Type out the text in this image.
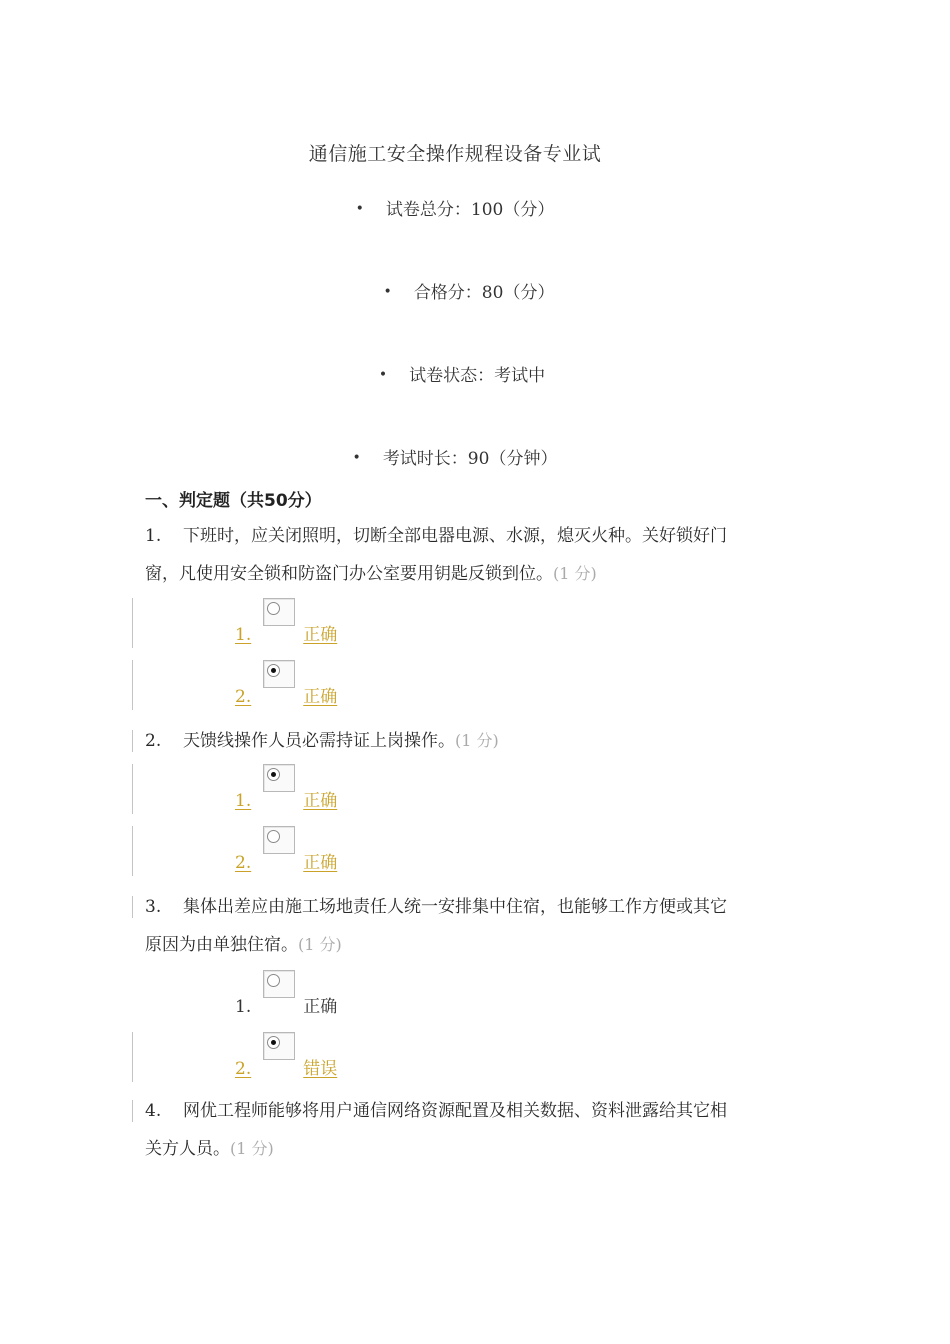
通信施工安全操作规程设备专业试
• 试卷总分：100（分）
• 合格分：80（分）
• 试卷状态：考试中
• 考试时长：90（分钟）
一、判定题（共50分）
1. 下班时，应关闭照明，切断全部电器电源、水源，熄灭火种。关好锁好门
窗，凡使用安全锁和防盗门办公室要用钥匙反锁到位。(1 分)
1.	正确
2.	正确
2. 天馈线操作人员必需持证上岗操作。(1 分)
1.	正确
2.	正确
3. 集体出差应由施工场地责任人统一安排集中住宿，也能够工作方便或其它
原因为由单独住宿。(1 分)
1.	正确
2.	错误
4. 网优工程师能够将用户通信网络资源配置及相关数据、资料泄露给其它相
关方人员。(1 分)
